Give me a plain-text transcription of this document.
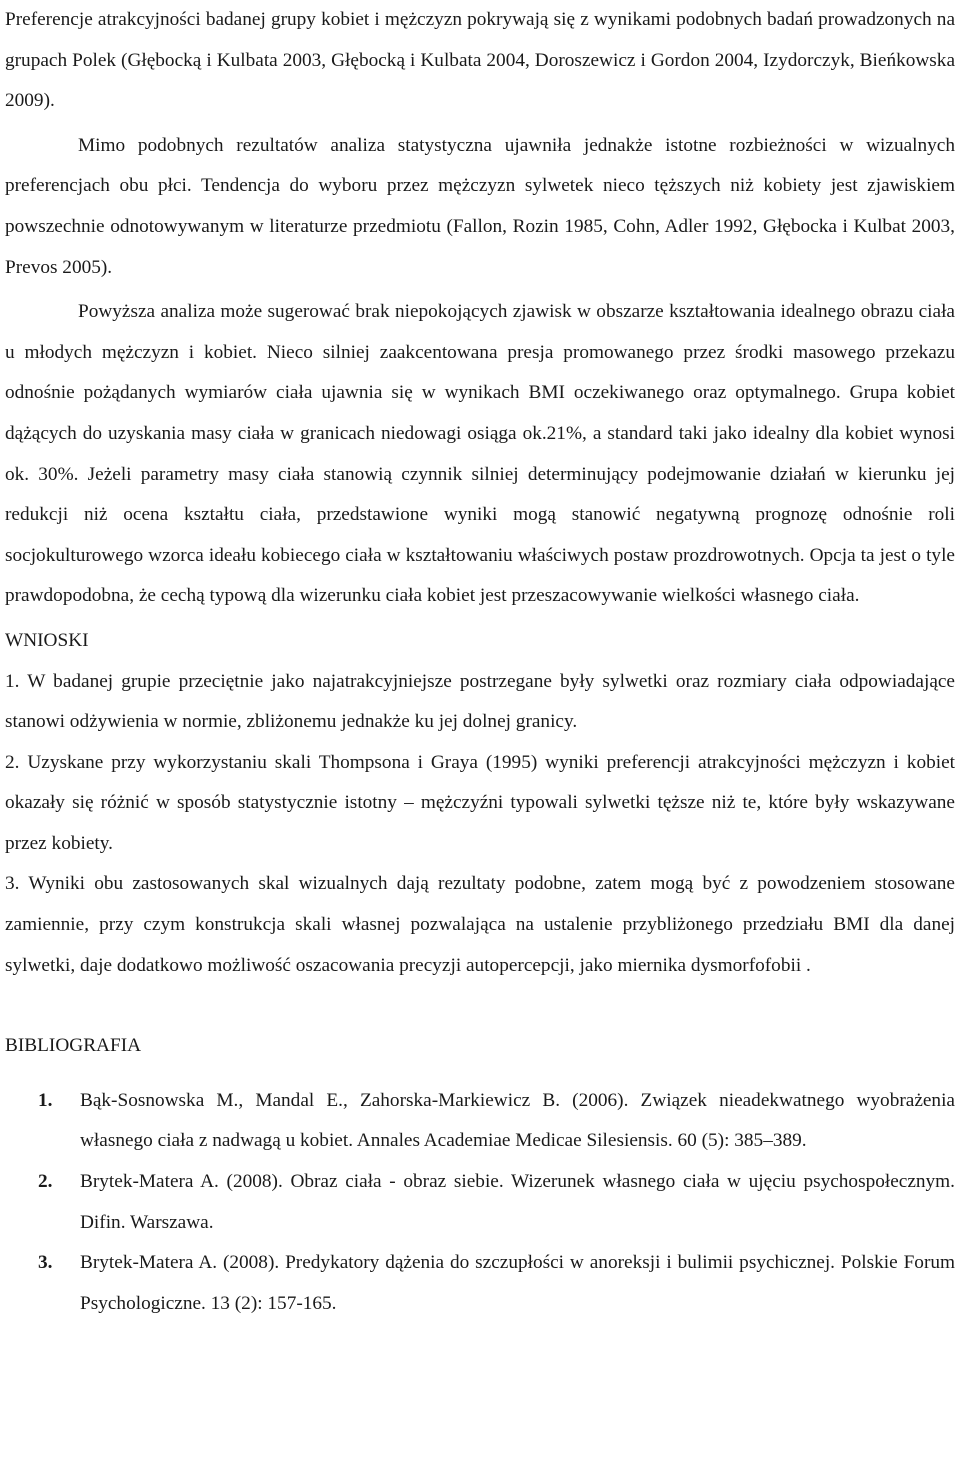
Preferencje atrakcyjności badanej grupy kobiet i mężczyzn pokrywają się z wynikami podobnych badań prowadzonych na grupach Polek (Głębocką i Kulbata 2003, Głębocką i Kulbata 2004, Doroszewicz i Gordon 2004, Izydorczyk, Bieńkowska 2009).

Mimo podobnych rezultatów analiza statystyczna ujawniła jednakże istotne rozbieżności w wizualnych preferencjach obu płci. Tendencja do wyboru przez mężczyzn sylwetek nieco tęższych niż kobiety jest zjawiskiem powszechnie odnotowywanym w literaturze przedmiotu (Fallon, Rozin 1985, Cohn, Adler 1992, Głębocka i Kulbat 2003, Prevos 2005).

Powyższa analiza może sugerować brak niepokojących zjawisk w obszarze kształtowania idealnego obrazu ciała u młodych mężczyzn i kobiet. Nieco silniej zaakcentowana presja promowanego przez środki masowego przekazu odnośnie pożądanych wymiarów ciała ujawnia się w wynikach BMI oczekiwanego oraz optymalnego. Grupa kobiet dążących do uzyskania masy ciała w granicach niedowagi osiąga ok.21%, a standard taki jako idealny dla kobiet wynosi ok. 30%. Jeżeli parametry masy ciała stanowią czynnik silniej determinujący podejmowanie działań w kierunku jej redukcji niż ocena kształtu ciała, przedstawione wyniki mogą stanowić negatywną prognozę odnośnie roli socjokulturowego wzorca ideału kobiecego ciała w kształtowaniu właściwych postaw prozdrowotnych. Opcja ta jest o tyle prawdopodobna, że cechą typową dla wizerunku ciała kobiet jest przeszacowywanie wielkości własnego ciała.

WNIOSKI

1. W badanej grupie przeciętnie jako najatrakcyjniejsze postrzegane były sylwetki oraz rozmiary ciała odpowiadające stanowi odżywienia w normie, zbliżonemu jednakże ku jej dolnej granicy.

2. Uzyskane przy wykorzystaniu skali Thompsona i Graya (1995) wyniki preferencji atrakcyjności mężczyzn i kobiet okazały się różnić w sposób statystycznie istotny – mężczyźni typowali sylwetki tęższe niż te, które były wskazywane przez kobiety.

3. Wyniki obu zastosowanych skal wizualnych dają rezultaty podobne, zatem mogą być z powodzeniem stosowane zamiennie, przy czym konstrukcja skali własnej pozwalająca na ustalenie przybliżonego przedziału BMI dla danej sylwetki, daje dodatkowo możliwość oszacowania precyzji autopercepcji, jako miernika dysmorfofobii .

BIBLIOGRAFIA

1.	Bąk-Sosnowska M., Mandal E., Zahorska-Markiewicz B. (2006). Związek nieadekwatnego wyobrażenia własnego ciała z nadwagą u kobiet. Annales Academiae Medicae Silesiensis. 60 (5): 385–389.
2.	Brytek-Matera A. (2008). Obraz ciała - obraz siebie. Wizerunek własnego ciała w ujęciu psychospołecznym. Difin. Warszawa.
3.	Brytek-Matera A. (2008). Predykatory dążenia do szczupłości w anoreksji i bulimii psychicznej. Polskie Forum Psychologiczne. 13 (2): 157-165.
